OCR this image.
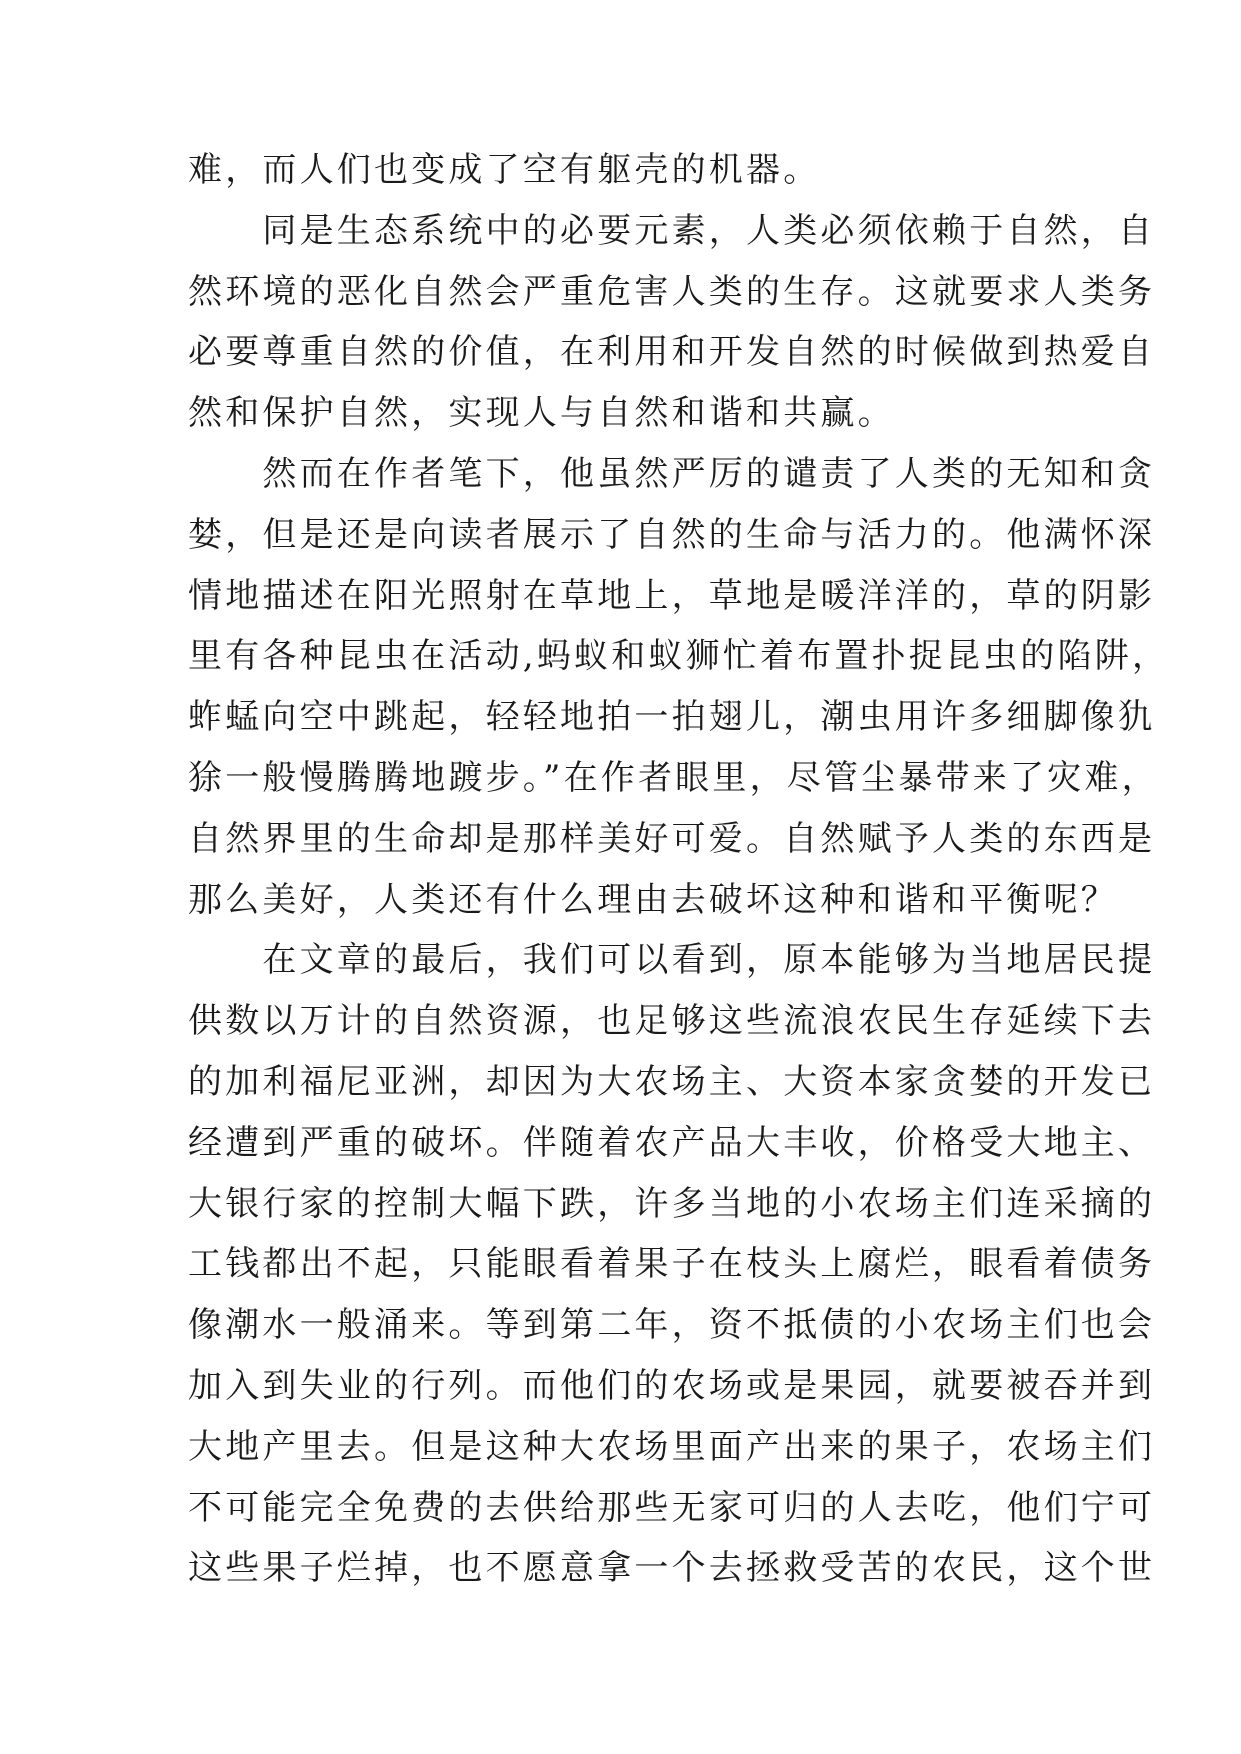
难，而人们也变成了空有躯壳的机器。
　　同是生态系统中的必要元素，人类必须依赖于自然，自
然环境的恶化自然会严重危害人类的生存。这就要求人类务
必要尊重自然的价值，在利用和开发自然的时候做到热爱自
然和保护自然，实现人与自然和谐和共赢。
　　然而在作者笔下，他虽然严厉的谴责了人类的无知和贪
婪，但是还是向读者展示了自然的生命与活力的。他满怀深
情地描述在阳光照射在草地上，草地是暖洋洋的，草的阴影
里有各种昆虫在活动,蚂蚁和蚁狮忙着布置扑捉昆虫的陷阱，
蚱蜢向空中跳起，轻轻地拍一拍翅儿，潮虫用许多细脚像犰
狳一般慢腾腾地踱步。”在作者眼里，尽管尘暴带来了灾难，
自然界里的生命却是那样美好可爱。自然赋予人类的东西是
那么美好，人类还有什么理由去破坏这种和谐和平衡呢？
　　在文章的最后，我们可以看到，原本能够为当地居民提
供数以万计的自然资源，也足够这些流浪农民生存延续下去
的加利福尼亚洲，却因为大农场主、大资本家贪婪的开发已
经遭到严重的破坏。伴随着农产品大丰收，价格受大地主、
大银行家的控制大幅下跌，许多当地的小农场主们连采摘的
工钱都出不起，只能眼看着果子在枝头上腐烂，眼看着债务
像潮水一般涌来。等到第二年，资不抵债的小农场主们也会
加入到失业的行列。而他们的农场或是果园，就要被吞并到
大地产里去。但是这种大农场里面产出来的果子，农场主们
不可能完全免费的去供给那些无家可归的人去吃，他们宁可
这些果子烂掉，也不愿意拿一个去拯救受苦的农民，这个世
